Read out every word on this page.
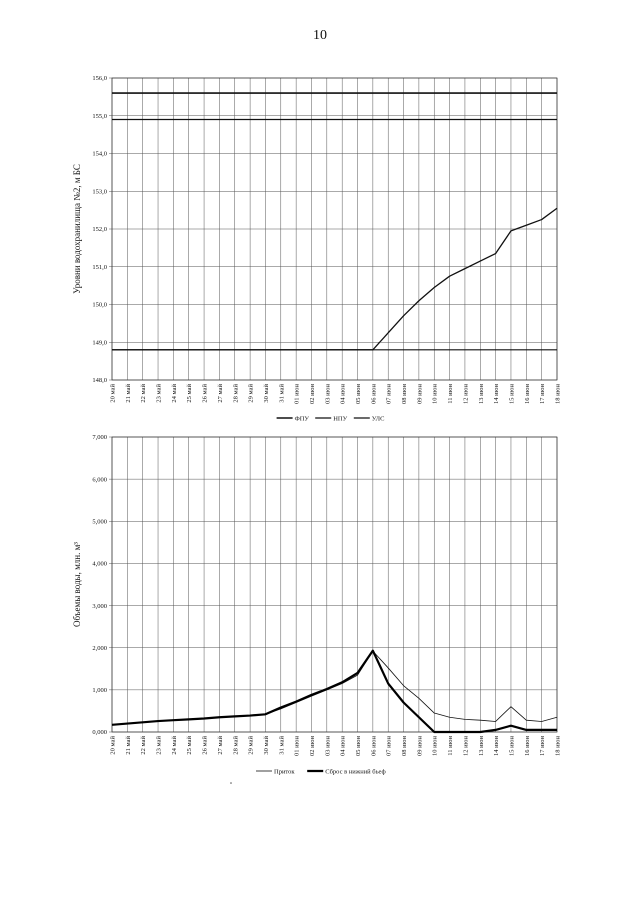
10
148,0
149,0
150,0
151,0
152,0
153,0
154,0
155,0
156,0
20 май 21 май 22 май 23 май 24 май 25 май 26 май 27 май 28 май 29 май 30 май 31 май 01 июн 02 июн 03 июн 04 июн 05 июн 06 июн 07 июн 08 июн 09 июн 10 июн 11 июн 12 июн 13 июн 14 июн 15 июн 16 июн 17 июн 18 июн
Уровни водохранилища №2, м БС
ФПУ	НПУ	УЛС
0,000
1,000
2,000
3,000
4,000
5,000
6,000
7,000
20 май 21 май 22 май 23 май 24 май 25 май 26 май 27 май 28 май 29 май 30 май 31 май 01 июн 02 июн 03 июн 04 июн 05 июн 06 июн 07 июн 08 июн 09 июн 10 июн 11 июн 12 июн 13 июн 14 июн 15 июн 16 июн 17 июн 18 июн
Объемы воды, млн. м³
Приток	Сброс в нижний бьеф
